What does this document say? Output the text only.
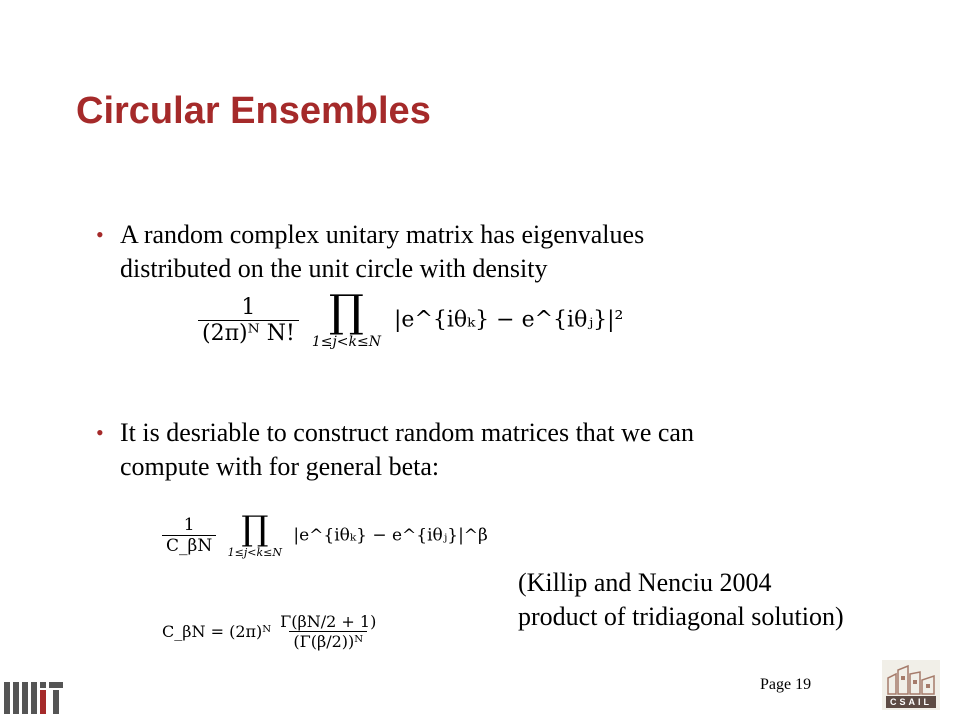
Circular Ensembles
• A random complex unitary matrix has eigenvalues
distributed on the unit circle with density
$\frac{1}{\text{(2π)ᴺ N!}}$
∏
1≤j<k≤N
|e^{iθₖ} − e^{iθⱼ}|²
• It is desriable to construct random matrices that we can
compute with for general beta:
$\frac{1}{C\_\beta N}$
∏
1≤j<k≤N
|e^{iθₖ} − e^{iθⱼ}|^β
C_βN = (2π)ᴺ $\frac{\Gamma(\beta N/2 + 1)}{\text{(Γ(β/2))ᴺ}}$
(Killip and Nenciu 2004
product of tridiagonal solution)
Page 19
CSAIL
